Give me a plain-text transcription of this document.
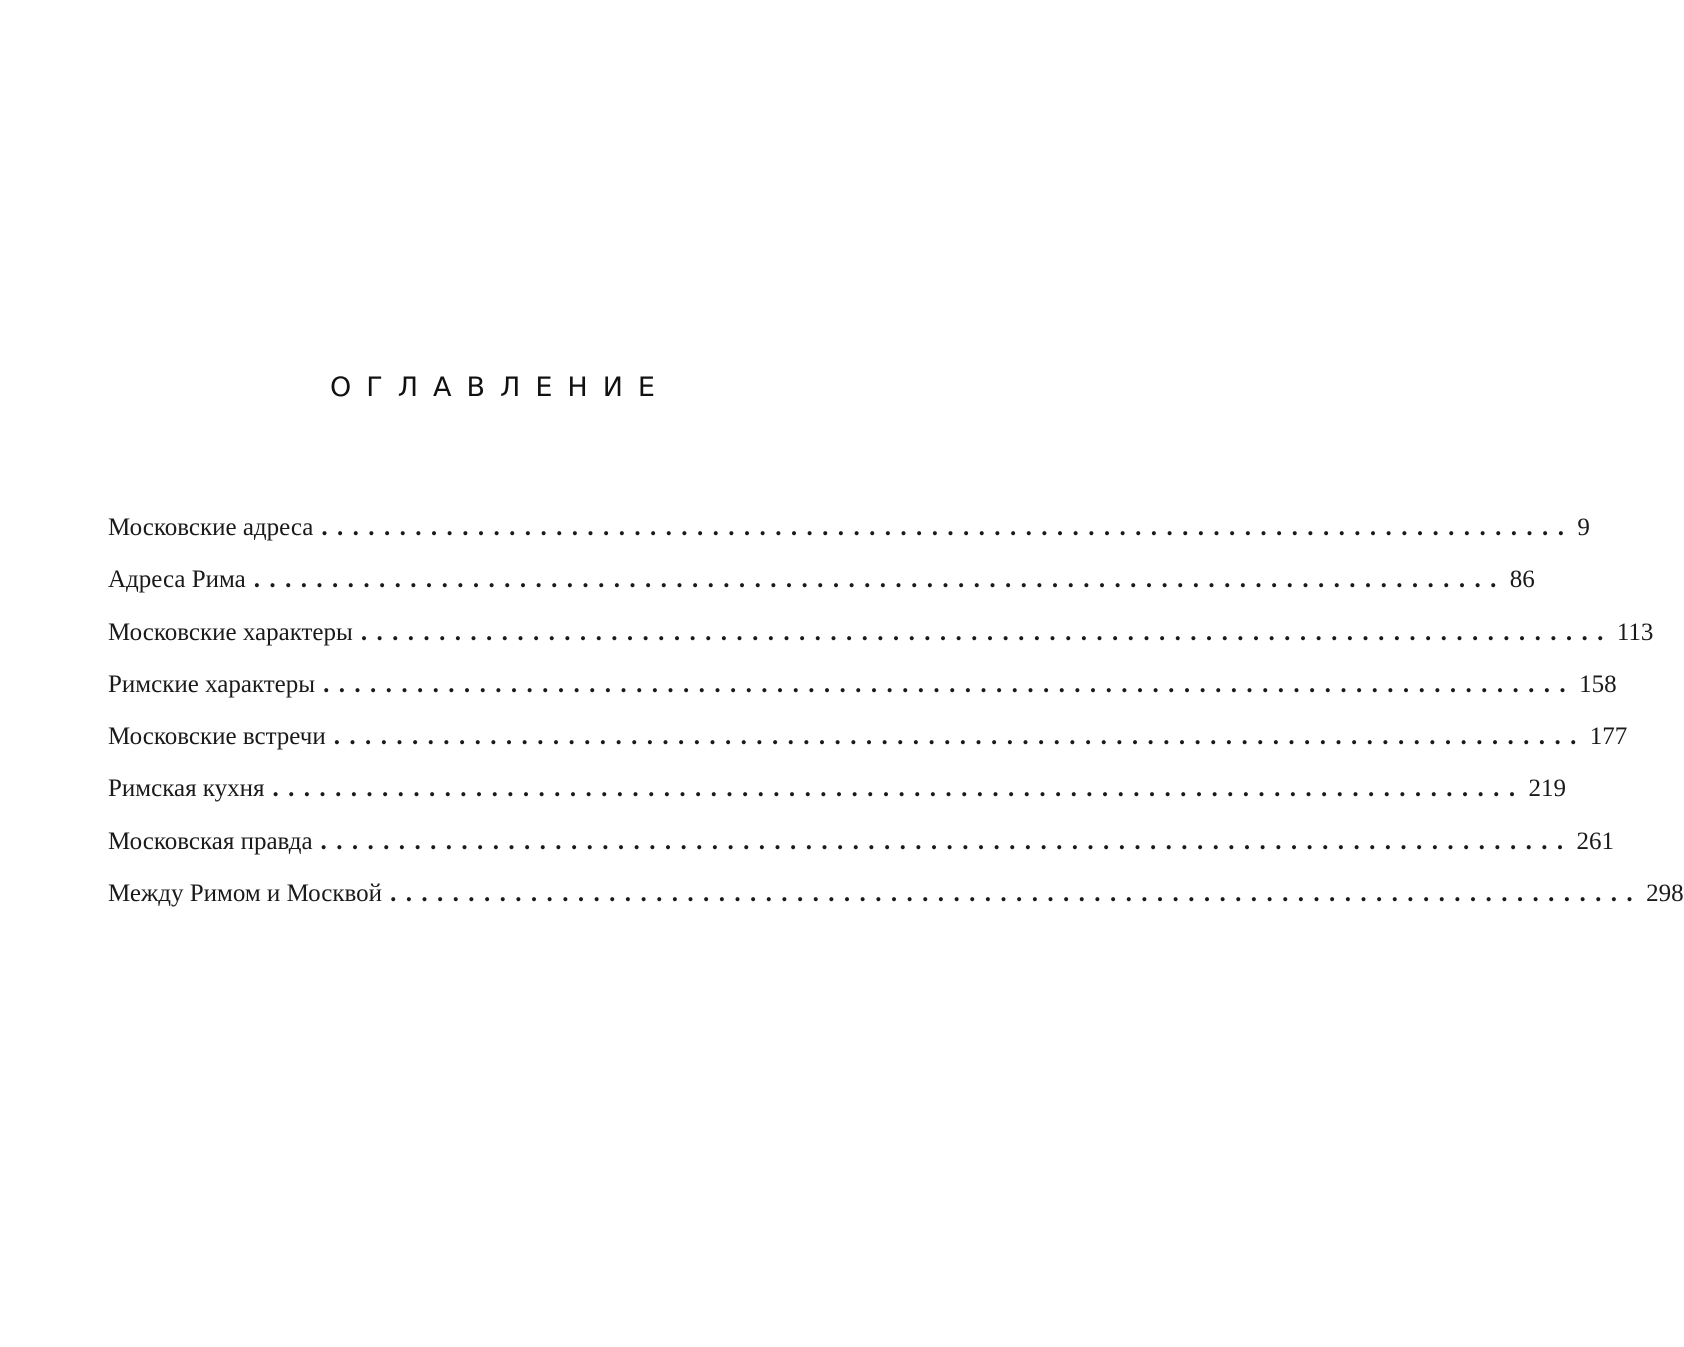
ОГЛАВЛЕНИЕ
Московские адреса ................................................................................ 9
Адреса Рима ................................................................................ 86
Московские характеры ................................................................................ 113
Римские характеры ................................................................................ 158
Московские встречи ................................................................................ 177
Римская кухня ................................................................................ 219
Московская правда ................................................................................ 261
Между Римом и Москвой ................................................................................ 298
